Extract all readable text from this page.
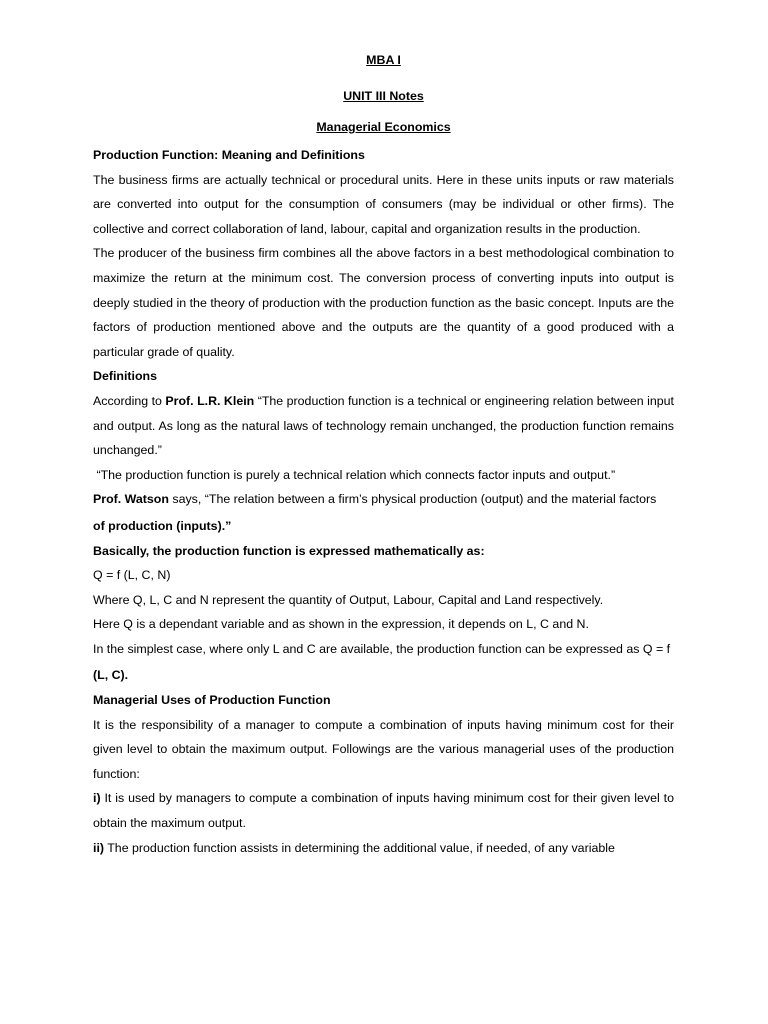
MBA I

UNIT III Notes

Managerial Economics

Production Function: Meaning and Definitions

The business firms are actually technical or procedural units. Here in these units inputs or raw materials are converted into output for the consumption of consumers (may be individual or other firms). The collective and correct collaboration of land, labour, capital and organization results in the production.

The producer of the business firm combines all the above factors in a best methodological combination to maximize the return at the minimum cost. The conversion process of converting inputs into output is deeply studied in the theory of production with the production function as the basic concept. Inputs are the factors of production mentioned above and the outputs are the quantity of a good produced with a particular grade of quality.

Definitions

According to Prof. L.R. Klein “The production function is a technical or engineering relation between input and output. As long as the natural laws of technology remain unchanged, the production function remains unchanged.”

“The production function is purely a technical relation which connects factor inputs and output.”

Prof. Watson says, “The relation between a firm’s physical production (output) and the material factors

of production (inputs).”

Basically, the production function is expressed mathematically as:

Q = f (L, C, N)

Where Q, L, C and N represent the quantity of Output, Labour, Capital and Land respectively.

Here Q is a dependant variable and as shown in the expression, it depends on L, C and N.

In the simplest case, where only L and C are available, the production function can be expressed as Q = f

(L, C).

Managerial Uses of Production Function

It is the responsibility of a manager to compute a combination of inputs having minimum cost for their given level to obtain the maximum output. Followings are the various managerial uses of the production function:

i) It is used by managers to compute a combination of inputs having minimum cost for their given level to obtain the maximum output.

ii) The production function assists in determining the additional value, if needed, of any variable
